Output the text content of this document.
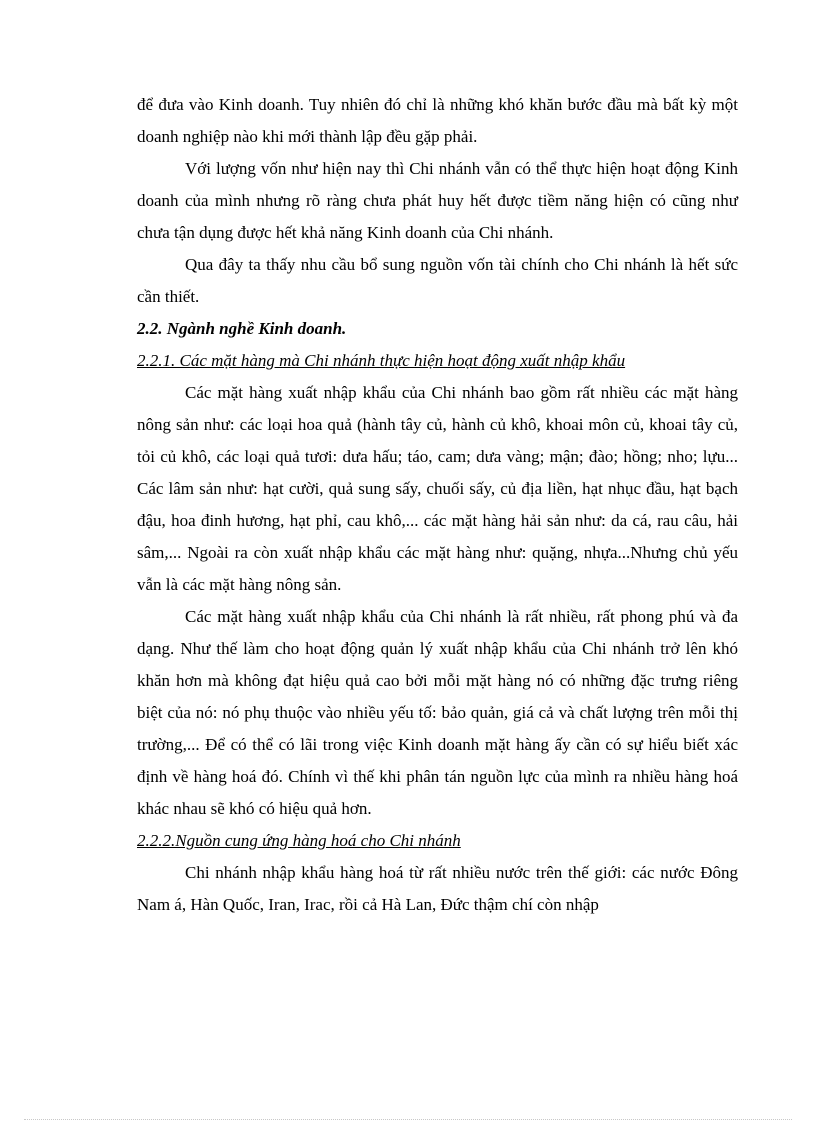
để đưa vào Kinh doanh. Tuy nhiên đó chỉ là những khó khăn bước đầu mà bất kỳ một doanh nghiệp nào khi mới thành lập đều gặp phải.

Với lượng vốn như hiện nay thì Chi nhánh vẫn có thể thực hiện hoạt động Kinh doanh của mình nhưng rõ ràng chưa phát huy hết được tiềm năng hiện có cũng như chưa tận dụng được hết khả năng Kinh doanh của Chi nhánh.

Qua đây ta thấy nhu cầu bổ sung nguồn vốn tài chính cho Chi nhánh là hết sức cần thiết.

2.2. Ngành nghề Kinh doanh.

2.2.1. Các mặt hàng mà Chi nhánh thực hiện hoạt động xuất nhập khẩu

Các mặt hàng xuất nhập khẩu của Chi nhánh bao gồm rất nhiều các mặt hàng nông sản như: các loại hoa quả (hành tây củ, hành củ khô, khoai môn củ, khoai tây củ, tỏi củ khô, các loại quả tươi: dưa hấu; táo, cam; dưa vàng; mận; đào; hồng; nho; lựu... Các lâm sản như: hạt cười, quả sung sấy, chuối sấy, củ địa liền, hạt nhục đầu, hạt bạch đậu, hoa đinh hương, hạt phỉ, cau khô,... các mặt hàng hải sản như: da cá, rau câu, hải sâm,... Ngoài ra còn xuất nhập khẩu các mặt hàng như: quặng, nhựa...Nhưng chủ yếu vẫn là các mặt hàng nông sản.

Các mặt hàng xuất nhập khẩu của Chi nhánh là rất nhiều, rất phong phú và đa dạng. Như thế làm cho hoạt động quản lý xuất nhập khẩu của Chi nhánh trở lên khó khăn hơn mà không đạt hiệu quả cao bởi mỗi mặt hàng nó có những đặc trưng riêng biệt của nó: nó phụ thuộc vào nhiều yếu tố: bảo quản, giá cả và chất lượng trên mỗi thị trường,... Để có thể có lãi trong việc Kinh doanh mặt hàng ấy cần có sự hiểu biết xác định về hàng hoá đó. Chính vì thế khi phân tán nguồn lực của mình ra nhiều hàng hoá khác nhau sẽ khó có hiệu quả hơn.

2.2.2.Nguồn cung ứng hàng hoá cho Chi nhánh

Chi nhánh nhập khẩu hàng hoá từ rất nhiều nước trên thế giới: các nước Đông Nam á, Hàn Quốc, Iran, Irac, rồi cả Hà Lan, Đức thậm chí còn nhập
